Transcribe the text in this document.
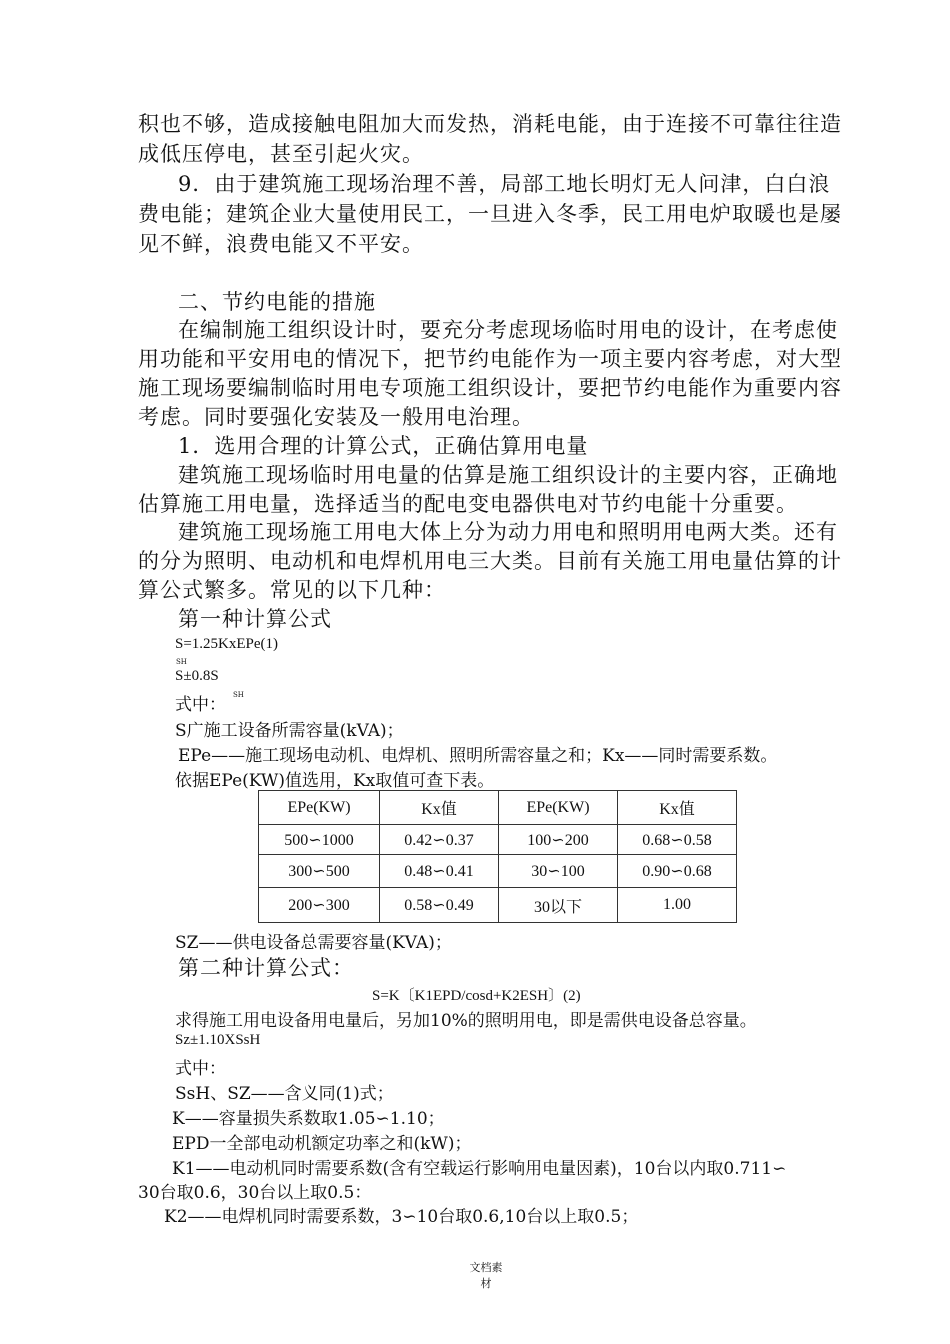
积也不够，造成接触电阻加大而发热，消耗电能，由于连接不可靠往往造
成低压停电，甚至引起火灾。
9．由于建筑施工现场治理不善，局部工地长明灯无人问津，白白浪
费电能；建筑企业大量使用民工，一旦进入冬季，民工用电炉取暖也是屡
见不鲜，浪费电能又不平安。
二、节约电能的措施
在编制施工组织设计时，要充分考虑现场临时用电的设计，在考虑使
用功能和平安用电的情况下，把节约电能作为一项主要内容考虑，对大型
施工现场要编制临时用电专项施工组织设计，要把节约电能作为重要内容
考虑。同时要强化安装及一般用电治理。
1．选用合理的计算公式，正确估算用电量
建筑施工现场临时用电量的估算是施工组织设计的主要内容，正确地
估算施工用电量，选择适当的配电变电器供电对节约电能十分重要。
建筑施工现场施工用电大体上分为动力用电和照明用电两大类。还有
的分为照明、电动机和电焊机用电三大类。目前有关施工用电量估算的计
算公式繁多。常见的以下几种：
第一种计算公式
S=1.25KxEPe(1)
SH
S±0.8S
式中： SH
S广施工设备所需容量(kVA)；
EPe——施工现场电动机、电焊机、照明所需容量之和；Kx——同时需要系数。
依据EPe(KW)值选用，Kx取值可查下表。
EPe(KW)	Kx值	EPe(KW)	Kx值
500∽1000	0.42∽0.37	100∽200	0.68∽0.58
300∽500	0.48∽0.41	30∽100	0.90∽0.68
200∽300	0.58∽0.49	30以下	1.00
SZ——供电设备总需要容量(KVA)；
第二种计算公式：
S=K〔K1EPD/cosd+K2ESH〕(2)
求得施工用电设备用电量后，另加10%的照明用电，即是需供电设备总容量。
Sz±1.10XSsH
式中：
SsH、SZ——含义同(1)式；
K——容量损失系数取1.05∽1.10；
EPD一全部电动机额定功率之和(kW)；
K1——电动机同时需要系数(含有空载运行影响用电量因素)，10台以内取0.711∽
30台取0.6，30台以上取0.5：
K2——电焊机同时需要系数，3∽10台取0.6,10台以上取0.5；
文档素
材
